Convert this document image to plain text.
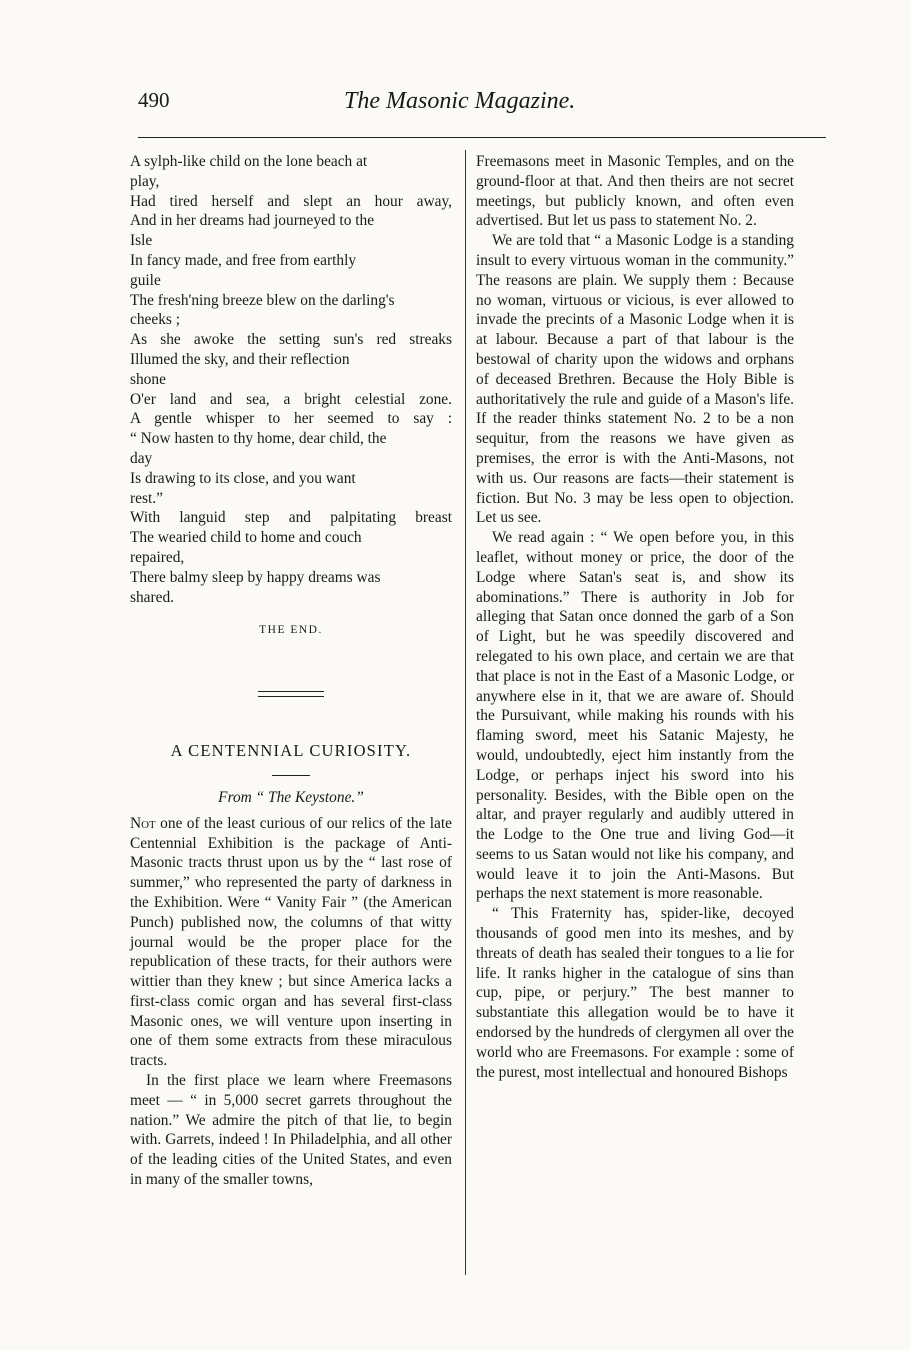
490	The Masonic Magazine.
A sylph-like child on the lone beach at
play,
Had tired herself and slept an hour away,
And in her dreams had journeyed to the
Isle
In fancy made, and free from earthly
guile
The fresh'ning breeze blew on the darling's
cheeks ;
As she awoke the setting sun's red streaks
Illumed the sky, and their reflection
shone
O'er land and sea, a bright celestial zone.
A gentle whisper to her seemed to say :
“ Now hasten to thy home, dear child, the
day
Is drawing to its close, and you want
rest.”
With languid step and palpitating breast
The wearied child to home and couch
repaired,
There balmy sleep by happy dreams was
shared.
THE END.
A CENTENNIAL CURIOSITY.
From “ The Keystone.”

Not one of the least curious of our relics of the late Centennial Exhibition is the package of Anti-Masonic tracts thrust upon us by the “ last rose of summer,” who represented the party of darkness in the Exhibition. Were “ Vanity Fair ” (the American Punch) published now, the columns of that witty journal would be the proper place for the republication of these tracts, for their authors were wittier than they knew ; but since America lacks a first-class comic organ and has several first-class Masonic ones, we will venture upon inserting in one of them some extracts from these miraculous tracts.

In the first place we learn where Freemasons meet — “ in 5,000 secret garrets throughout the nation.” We admire the pitch of that lie, to begin with. Garrets, indeed ! In Philadelphia, and all other of the leading cities of the United States, and even in many of the smaller towns,

Freemasons meet in Masonic Temples, and on the ground-floor at that. And then theirs are not secret meetings, but publicly known, and often even advertised. But let us pass to statement No. 2.

We are told that “ a Masonic Lodge is a standing insult to every virtuous woman in the community.” The reasons are plain. We supply them : Because no woman, virtuous or vicious, is ever allowed to invade the precints of a Masonic Lodge when it is at labour. Because a part of that labour is the bestowal of charity upon the widows and orphans of deceased Brethren. Because the Holy Bible is authoritatively the rule and guide of a Mason's life. If the reader thinks statement No. 2 to be a non sequitur, from the reasons we have given as premises, the error is with the Anti-Masons, not with us. Our reasons are facts—their statement is fiction. But No. 3 may be less open to objection. Let us see.

We read again : “ We open before you, in this leaflet, without money or price, the door of the Lodge where Satan's seat is, and show its abominations.” There is authority in Job for alleging that Satan once donned the garb of a Son of Light, but he was speedily discovered and relegated to his own place, and certain we are that that place is not in the East of a Masonic Lodge, or anywhere else in it, that we are aware of. Should the Pursuivant, while making his rounds with his flaming sword, meet his Satanic Majesty, he would, undoubtedly, eject him instantly from the Lodge, or perhaps inject his sword into his personality. Besides, with the Bible open on the altar, and prayer regularly and audibly uttered in the Lodge to the One true and living God—it seems to us Satan would not like his company, and would leave it to join the Anti-Masons. But perhaps the next statement is more reasonable.

“ This Fraternity has, spider-like, decoyed thousands of good men into its meshes, and by threats of death has sealed their tongues to a lie for life. It ranks higher in the catalogue of sins than cup, pipe, or perjury.” The best manner to substantiate this allegation would be to have it endorsed by the hundreds of clergymen all over the world who are Freemasons. For example : some of the purest, most intellectual and honoured Bishops
